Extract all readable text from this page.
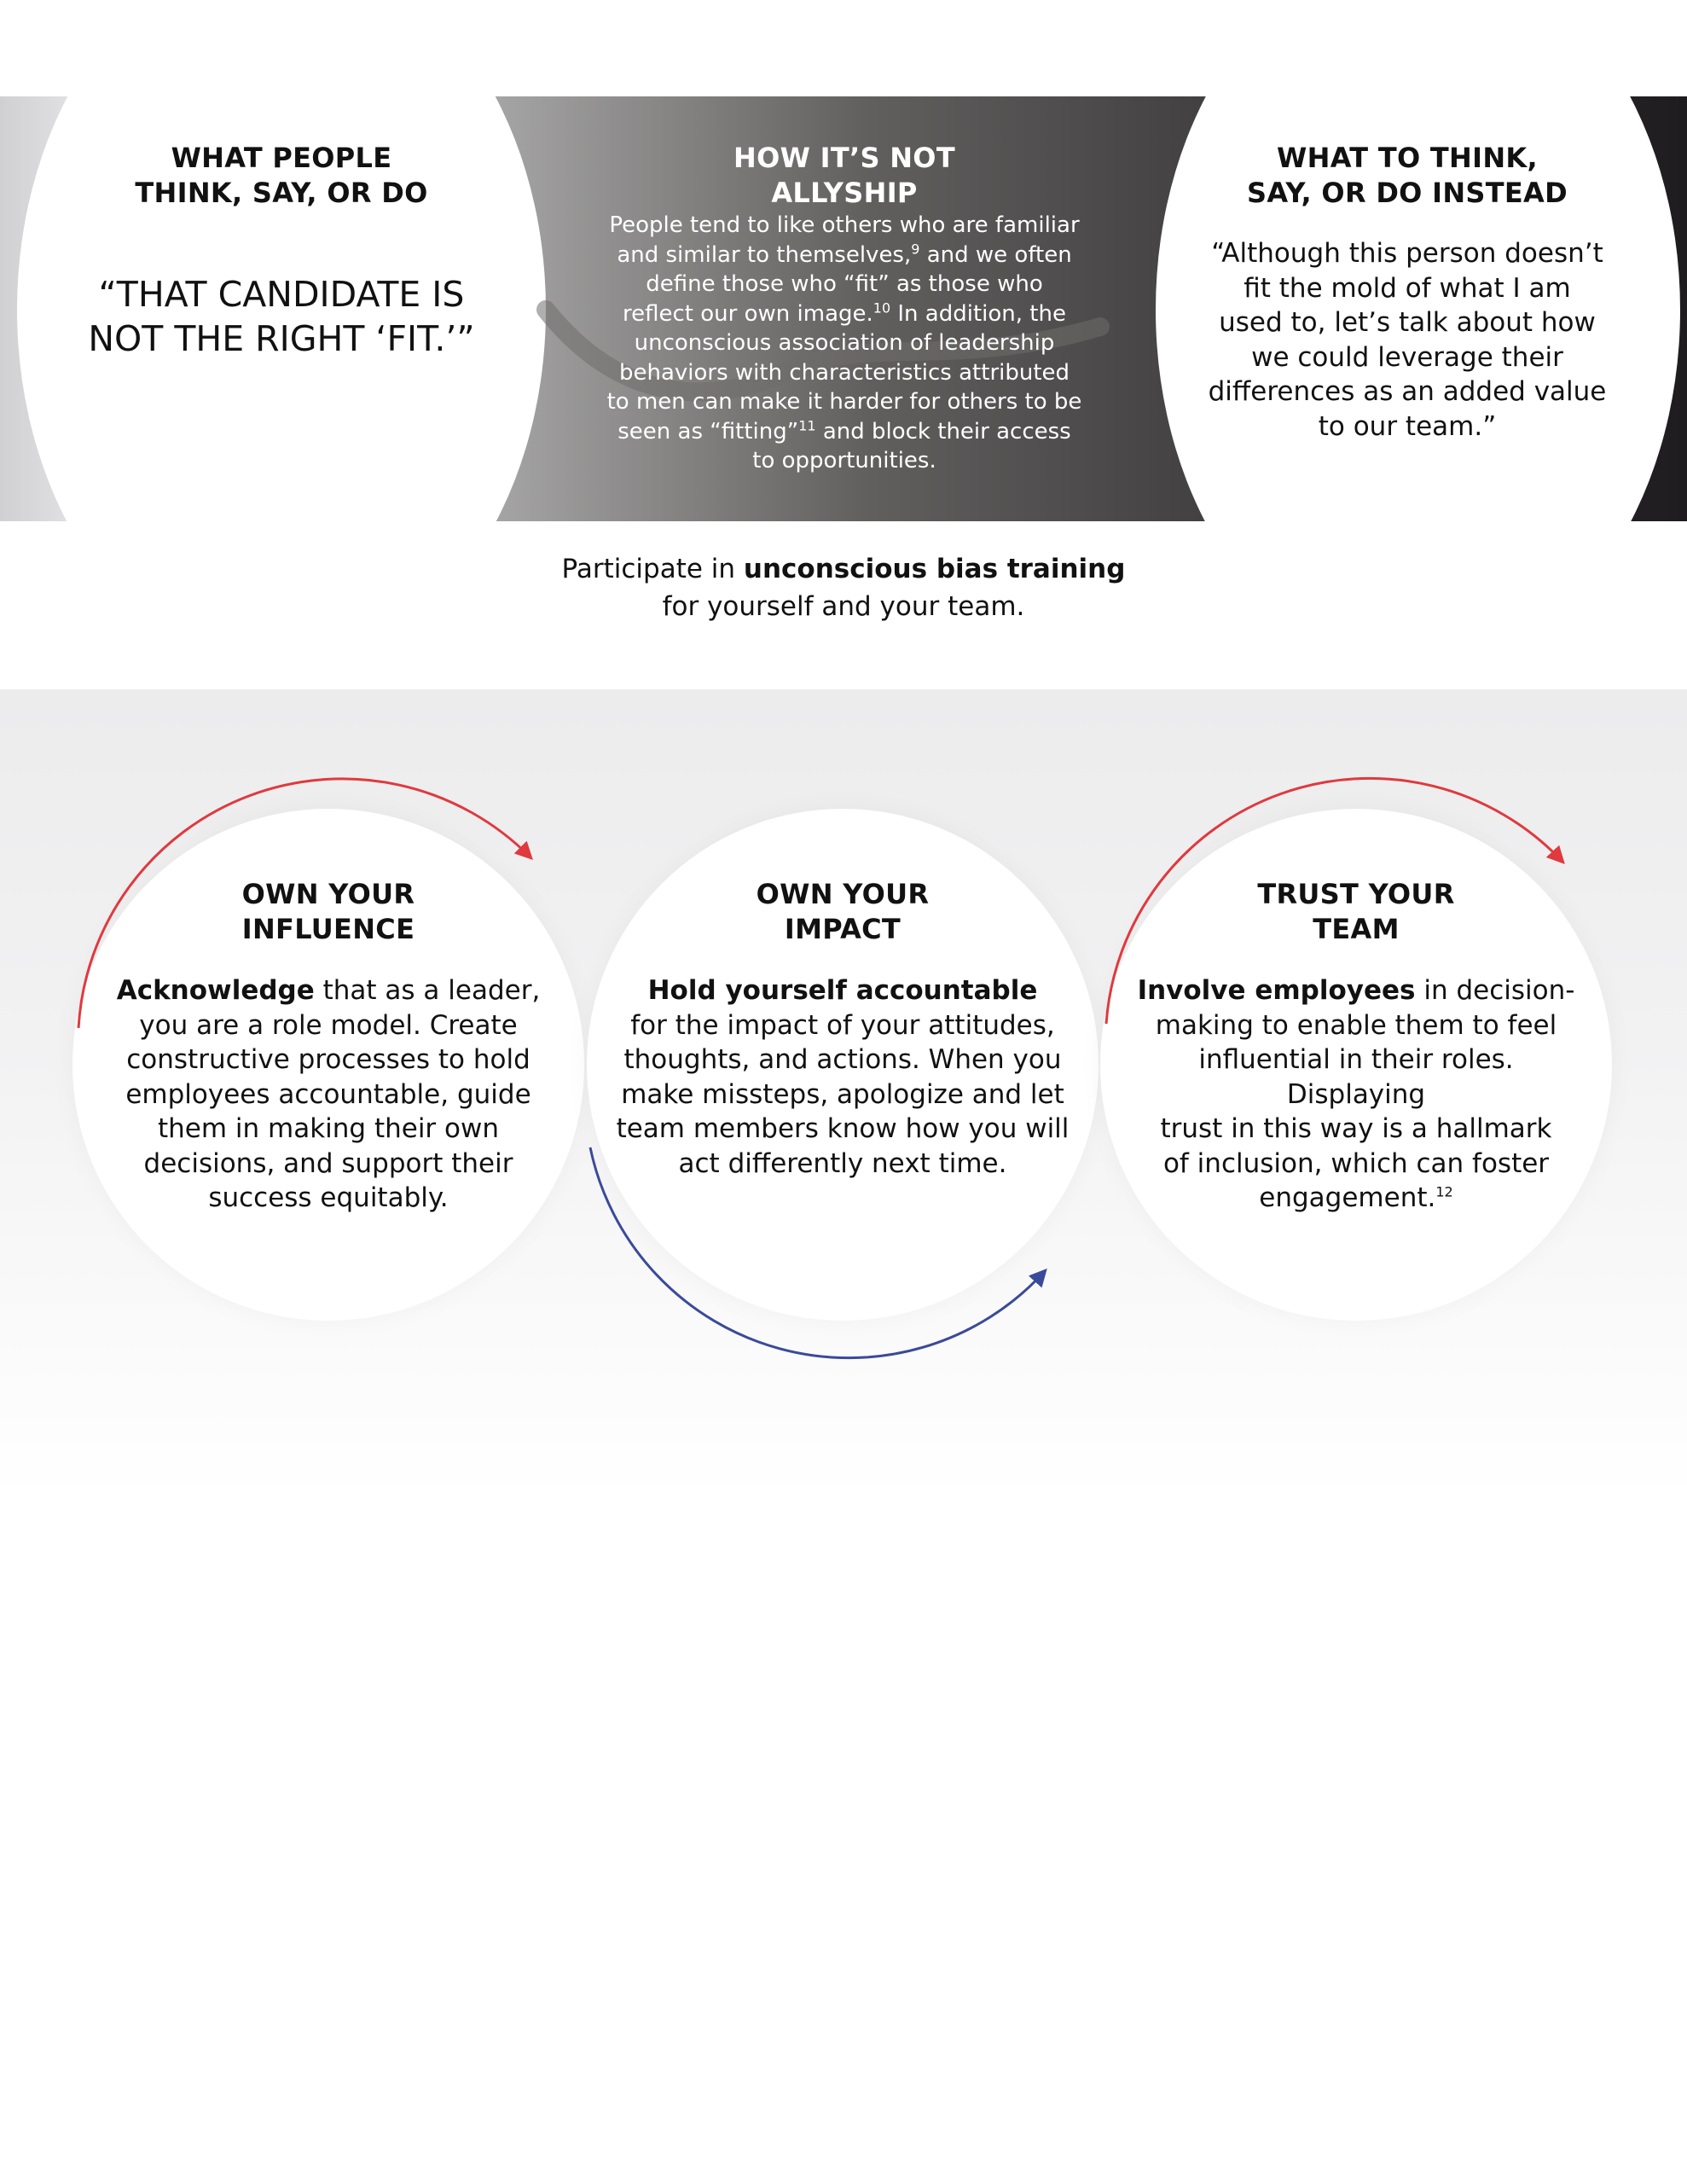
WHAT PEOPLE
THINK, SAY, OR DO
“THAT CANDIDATE IS
NOT THE RIGHT ‘FIT.’”
HOW IT’S NOT
ALLYSHIP
People tend to like others who are familiar
and similar to themselves,$^9$ and we often
define those who “fit” as those who
reflect our own image.$^{10}$ In addition, the
unconscious association of leadership
behaviors with characteristics attributed
to men can make it harder for others to be
seen as “fitting”$^{11}$ and block their access
to opportunities.
WHAT TO THINK,
SAY, OR DO INSTEAD
“Although this person doesn’t
fit the mold of what I am
used to, let’s talk about how
we could leverage their
differences as an added value
to our team.”
Participate in unconscious bias training
for yourself and your team.
OWN YOUR
INFLUENCE
Acknowledge that as a leader,
you are a role model. Create
constructive processes to hold
employees accountable, guide
them in making their own
decisions, and support their
success equitably.
OWN YOUR
IMPACT
Hold yourself accountable
for the impact of your attitudes,
thoughts, and actions. When you
make missteps, apologize and let
team members know how you will
act differently next time.
TRUST YOUR
TEAM
Involve employees in decision-
making to enable them to feel
influential in their roles. Displaying
trust in this way is a hallmark
of inclusion, which can foster
engagement.$^{12}$
